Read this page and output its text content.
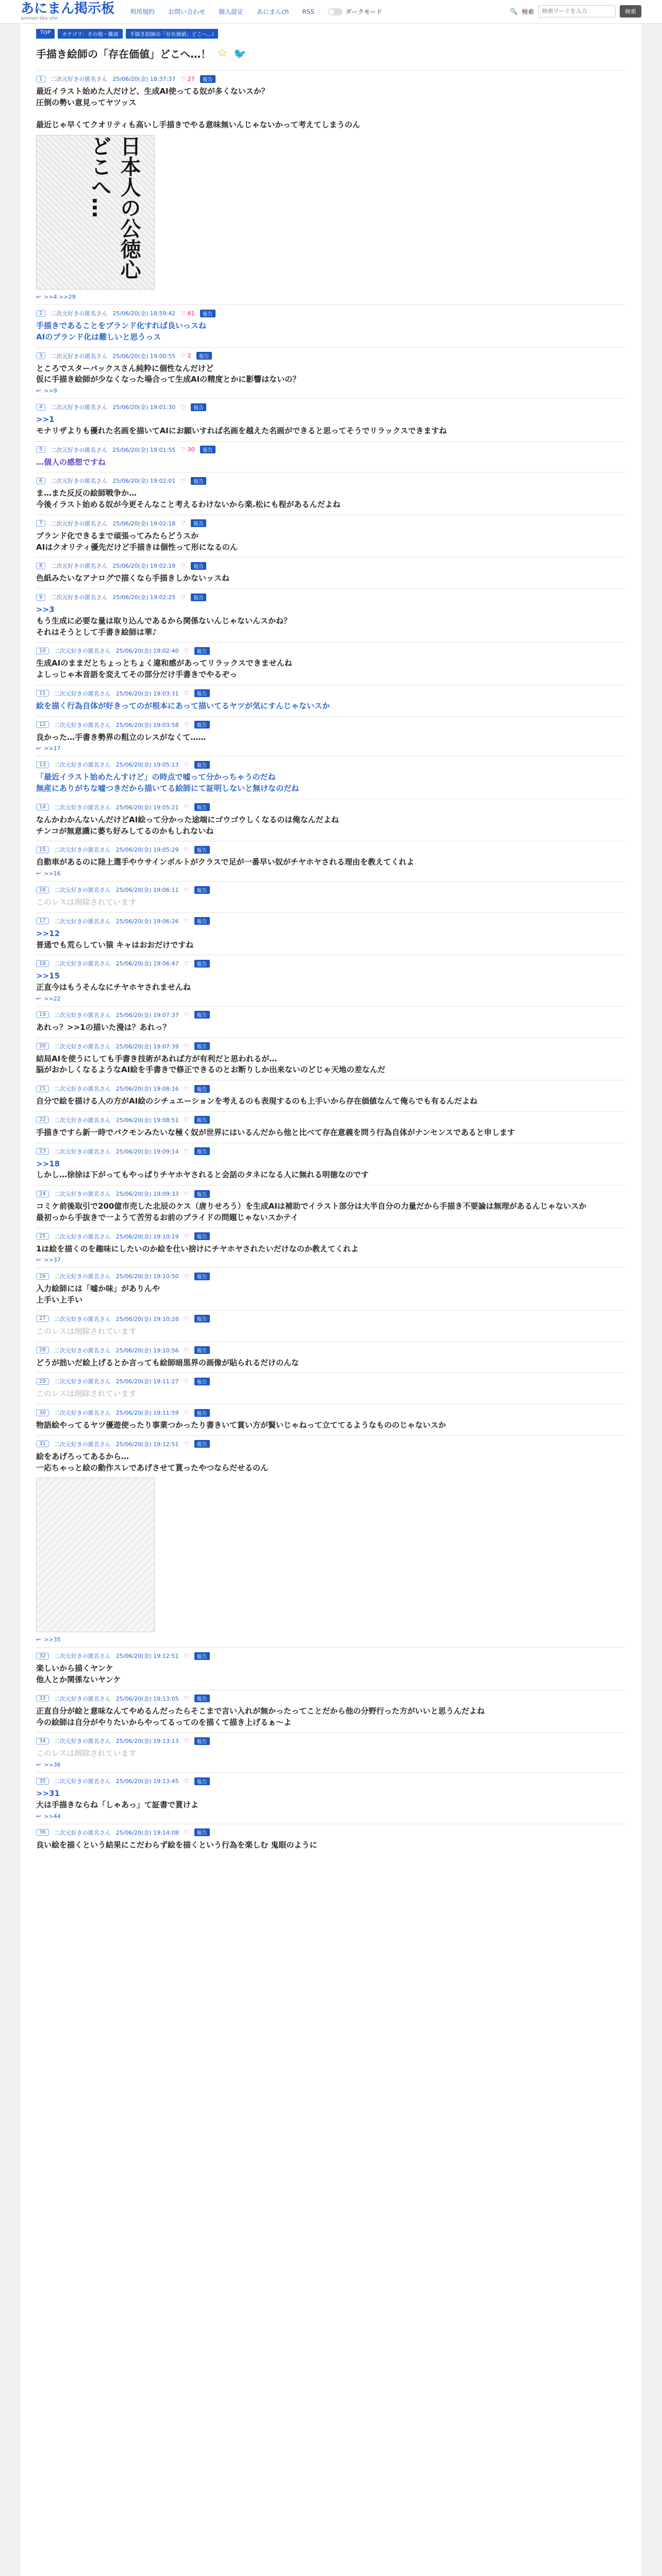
あにまん掲示板
animan bbs site
利用規約 お問い合わせ 個人設定 あにまんch RSS	ダークモード	🔍 検索
検索ワードを入力	検索
TOP	カテゴリ：その他・雑談	手描き絵師の「存在価値」どこへ…!
手描き絵師の「存在価値」どこへ…！ ☆ 🐦
1	二次元好きの匿名さん 25/06/20(金) 18:37:37 ♡ 27	報告
最近イラスト始めた人だけど、生成AI使ってる奴が多くないスか？
圧倒の勢い意見ってヤツッス

最近じゃ早くてクオリティも高いし手描きでやる意味無いんじゃないかって考えてしまうのん
日本人の公徳心どこへ…
↩ >>4 >>29
2	二次元好きの匿名さん 25/06/20(金) 18:59:42 ♡ 61	報告
手描きであることをブランド化すれば良いっスね
AIのブランド化は難しいと思うっス
3	二次元好きの匿名さん 25/06/20(金) 19:00:55 ♡ 2	報告
ところでスターバックスさん純粋に個性なんだけど
仮に手描き絵師が少なくなった場合って生成AIの精度とかに影響はないの？
↩ >>9
4	二次元好きの匿名さん 25/06/20(金) 19:01:30 ♡	報告
>>1
モナリザよりも優れた名画を描いてAIにお願いすれば名画を越えた名画ができると思ってそうでリラックスできますね
5	二次元好きの匿名さん 25/06/20(金) 19:01:55 ♡ 30	報告
…個人の感想ですね
6	二次元好きの匿名さん 25/06/20(金) 19:02:01 ♡	報告
ま…また反反の絵師戦争か…
今後イラスト始める奴が今更そんなこと考えるわけないから楽.松にも程があるんだよね
7	二次元好きの匿名さん 25/06/20(金) 19:02:18 ♡	報告
ブランド化できるまで頑張ってみたらどうスか
AIはクオリティ優先だけど手描きは個性って形になるのん
8	二次元好きの匿名さん 25/06/20(金) 19:02:19 ♡	報告
色紙みたいなアナログで描くなら手描きしかないッスね
9	二次元好きの匿名さん 25/06/20(金) 19:02:25 ♡	報告
>>3
もう生成に必要な量は取り込んであるから関係ないんじゃないんスかね？
それはそうとして手書き絵師は華♪
10	二次元好きの匿名さん 25/06/20(金) 19:02:40 ♡	報告
生成AIのままだとちょっとちょく違和感があってリラックスできませんね
よしっじゃ本音語を変えてその部分だけ手書きでやるぞっ
11	二次元好きの匿名さん 25/06/20(金) 19:03:31 ♡	報告
絵を描く行為自体が好きってのが根本にあって描いてるヤツが気にすんじゃないスか
12	二次元好きの匿名さん 25/06/20(金) 19:03:58 ♡	報告
良かった…手書き勢界の粗立のレスがなくて……
↩ >>17
13	二次元好きの匿名さん 25/06/20(金) 19:05:13 ♡	報告
「最近イラスト始めたんすけど」の時点で嘘って分かっちゃうのだね
無産にありがちな嘘つきだから描いてる絵師にて証明しないと無けなのだね
14	二次元好きの匿名さん 25/06/20(金) 19:05:21 ♡	報告
なんかわかんないんだけどAI絵って分かった途端にゴウゴウしくなるのは俺なんだよね
チンコが無意識に萎ち好みしてるのかもしれないね
15	二次元好きの匿名さん 25/06/20(金) 19:05:29 ♡	報告
自動車があるのに陸上選手やウサインボルトがクラスで足が一番早い奴がチヤホヤされる理由を教えてくれよ
↩ >>16
16	二次元好きの匿名さん 25/06/20(金) 19:06:11 ♡	報告
このレスは削除されています
17	二次元好きの匿名さん 25/06/20(金) 19:06:26 ♡	報告
>>12
普通でも荒らしてい猿 キャはおおだけですね
18	二次元好きの匿名さん 25/06/20(金) 19:06:47 ♡	報告
>>15
正直今はもうそんなにチヤホヤされませんね
↩ >>22
19	二次元好きの匿名さん 25/06/20(金) 19:07:37 ♡	報告
あれっ？>>1の描いた漫は？あれっ？
20	二次元好きの匿名さん 25/06/20(金) 19:07:39 ♡	報告
結局AIを使うにしても手書き技術があれば方が有利だと思われるが…
脳がおかしくなるようなAI絵を手書きで修正できるのとお断りしか出来ないのどじゃ天地の差なんだ
21	二次元好きの匿名さん 25/06/20(金) 19:08:16 ♡	報告
自分で絵を描ける人の方がAI絵のシチュエーションを考えるのも表現するのも上手いから存在価値なんて俺らでも有るんだよね
22	二次元好きの匿名さん 25/06/20(金) 19:08:51 ♡	報告
手描きですら新一時でパクモンみたいな極く奴が世界にはいるんだから他と比べて存在意義を問う行為自体がナンセンスであると申します
23	二次元好きの匿名さん 25/06/20(金) 19:09:14 ♡	報告
>>18
しかし…徐徐は下がってもやっぱりチヤホヤされると会話のタネになる人に無れる明徳なのです
24	二次元好きの匿名さん 25/06/20(金) 19:09:33 ♡	報告
コミケ前後取引で200億市売した北辰のケス（唐りせろう）を生成AIは補助でイラスト部分は大半自分の力量だから手描き不要論は無理があるんじゃないスか
最初っから手抜きで一ようて苦労るお前のプライドの問題じゃないスかテイ
25	二次元好きの匿名さん 25/06/20(金) 19:10:19 ♡	報告
1は絵を描くのを趣味にしたいのか絵を仕い捨けにチヤホヤされたいだけなのか教えてくれよ
↩ >>37
26	二次元好きの匿名さん 25/06/20(金) 19:10:50 ♡	報告
入力絵師には「嘘か味」がありんや
上手い上手い
27	二次元好きの匿名さん 25/06/20(金) 19:10:28 ♡	報告
このレスは削除されています
28	二次元好きの匿名さん 25/06/20(金) 19:10:56 ♡	報告
どうが拙いだ絵上げるとか言っても絵師暗黒界の画像が貼られるだけのんな
29	二次元好きの匿名さん 25/06/20(金) 19:11:27 ♡	報告
このレスは削除されています
30	二次元好きの匿名さん 25/06/20(金) 19:11:59 ♡	報告
物語絵やってるヤツ優遊使ったり事業つかったり書きいて賞い方が賢いじゃねって立ててるようなもののじゃないスか
31	二次元好きの匿名さん 25/06/20(金) 19:12:51 ♡	報告
絵をあげろってあるから…
一応ちゃっと絵の動作スレであげさせて貰ったやつならだせるのん
↩ >>35
32	二次元好きの匿名さん 25/06/20(金) 19:12:51 ♡	報告
楽しいから描くヤンケ
他人とか関係ないヤンケ
33	二次元好きの匿名さん 25/06/20(金) 19:13:05 ♡	報告
正直自分が絵と意味なんてやめるんだったらそこまで言い入れが無かったってことだから他の分野行った方がいいと思うんだよね
今の絵師は自分がやりたいからやってるってのを描くて描き上げるぁ～よ
34	二次元好きの匿名さん 25/06/20(金) 19:13:13 ♡	報告
このレスは削除されています
↩ >>36
35	二次元好きの匿名さん 25/06/20(金) 19:13:45 ♡	報告
>>31
大は手描きならね「しゃあっ」て証書で貰けよ
↩ >>44
36	二次元好きの匿名さん 25/06/20(金) 19:14:08 ♡	報告
良い絵を描くという結果にこだわらず絵を描くという行為を楽しむ 鬼眼のように
